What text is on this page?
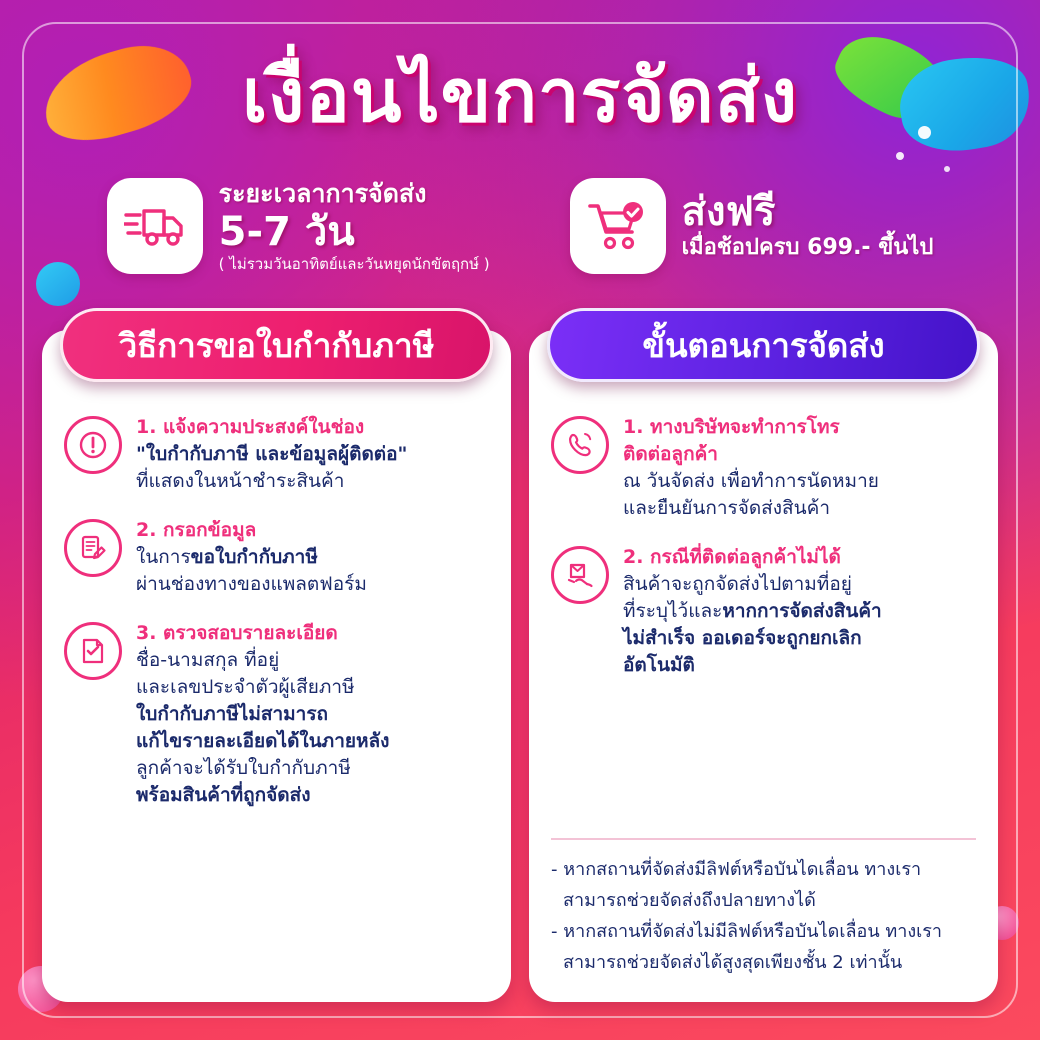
เงื่อนไขการจัดส่ง
ระยะเวลาการจัดส่ง
5-7 วัน
( ไม่รวมวันอาทิตย์และวันหยุดนักขัตฤกษ์ )
ส่งฟรี
เมื่อช้อปครบ 699.- ขึ้นไป
วิธีการขอใบกำกับภาษี
1. แจ้งความประสงค์ในช่อง
"ใบกำกับภาษี และข้อมูลผู้ติดต่อ"
ที่แสดงในหน้าชำระสินค้า
2. กรอกข้อมูล
ในการขอใบกำกับภาษี
ผ่านช่องทางของแพลตฟอร์ม
3. ตรวจสอบรายละเอียด
ชื่อ-นามสกุล ที่อยู่
และเลขประจำตัวผู้เสียภาษี
ใบกำกับภาษีไม่สามารถ
แก้ไขรายละเอียดได้ในภายหลัง
ลูกค้าจะได้รับใบกำกับภาษี
พร้อมสินค้าที่ถูกจัดส่ง
ขั้นตอนการจัดส่ง
1. ทางบริษัทจะทำการโทร
ติดต่อลูกค้า
ณ วันจัดส่ง เพื่อทำการนัดหมาย
และยืนยันการจัดส่งสินค้า
2. กรณีที่ติดต่อลูกค้าไม่ได้
สินค้าจะถูกจัดส่งไปตามที่อยู่
ที่ระบุไว้และหากการจัดส่งสินค้า
ไม่สำเร็จ ออเดอร์จะถูกยกเลิก
อัตโนมัติ
- หากสถานที่จัดส่งมีลิฟต์หรือบันไดเลื่อน ทางเรา
สามารถช่วยจัดส่งถึงปลายทางได้
- หากสถานที่จัดส่งไม่มีลิฟต์หรือบันไดเลื่อน ทางเรา
สามารถช่วยจัดส่งได้สูงสุดเพียงชั้น 2 เท่านั้น
